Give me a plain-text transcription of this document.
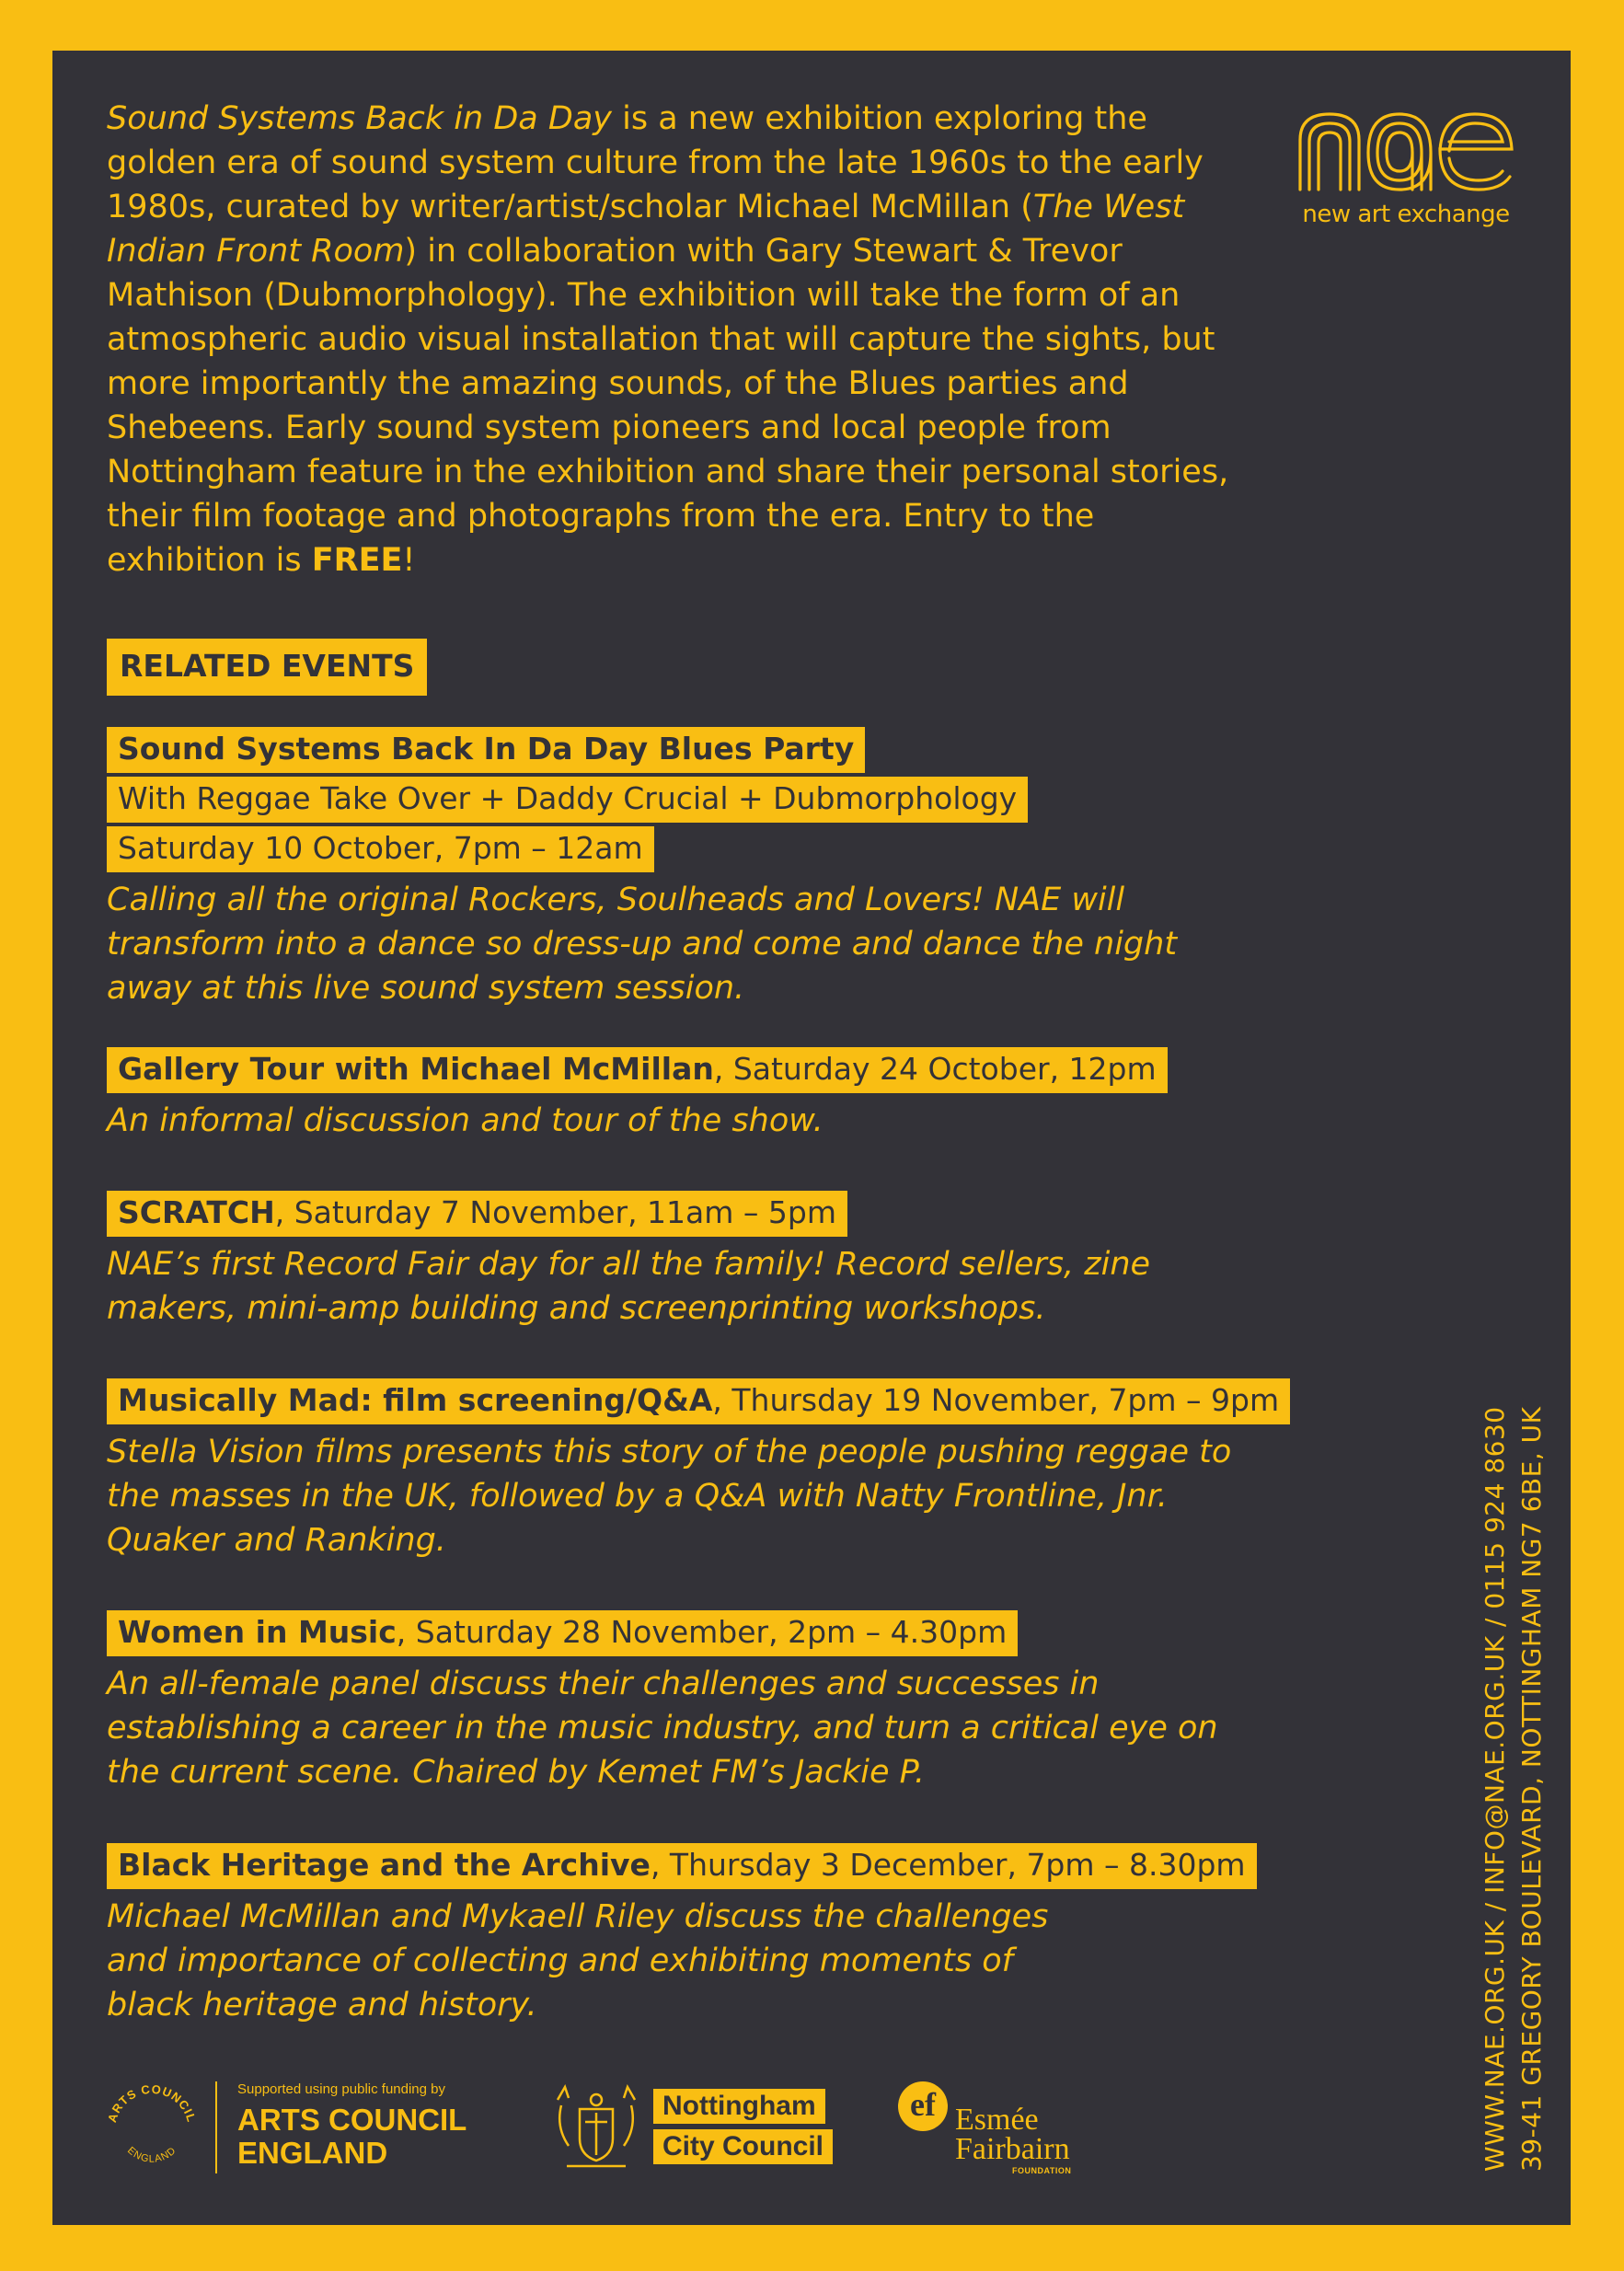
Sound Systems Back in Da Day is a new exhibition exploring the golden era of sound system culture from the late 1960s to the early 1980s, curated by writer/artist/scholar Michael McMillan (The West Indian Front Room) in collaboration with Gary Stewart & Trevor Mathison (Dubmorphology). The exhibition will take the form of an atmospheric audio visual installation that will capture the sights, but more importantly the amazing sounds, of the Blues parties and Shebeens. Early sound system pioneers and local people from Nottingham feature in the exhibition and share their personal stories, their film footage and photographs from the era. Entry to the exhibition is FREE!

new art exchange
RELATED EVENTS
Sound Systems Back In Da Day Blues Party
With Reggae Take Over + Daddy Crucial + Dubmorphology
Saturday 10 October, 7pm – 12am

Calling all the original Rockers, Soulheads and Lovers! NAE will transform into a dance so dress-up and come and dance the night away at this live sound system session.

Gallery Tour with Michael McMillan, Saturday 24 October, 12pm

An informal discussion and tour of the show.

SCRATCH, Saturday 7 November, 11am – 5pm

NAE’s first Record Fair day for all the family! Record sellers, zine makers, mini-amp building and screenprinting workshops.

Musically Mad: film screening/Q&A, Thursday 19 November, 7pm – 9pm

Stella Vision films presents this story of the people pushing reggae to the masses in the UK, followed by a Q&A with Natty Frontline, Jnr. Quaker and Ranking.

Women in Music, Saturday 28 November, 2pm – 4.30pm

An all-female panel discuss their challenges and successes in establishing a career in the music industry, and turn a critical eye on the current scene. Chaired by Kemet FM’s Jackie P.

Black Heritage and the Archive, Thursday 3 December, 7pm – 8.30pm

Michael McMillan and Mykaell Riley discuss the challenges and importance of collecting and exhibiting moments of black heritage and history.

ARTS COUNCIL
ENGLAND
Supported using public funding by
ARTS COUNCIL
ENGLAND
Nottingham
City Council
ef Esmée
Fairbairn
FOUNDATION	WWW.NAE.ORG.UK / INFO@NAE.ORG.UK / 0115 924 8630 39-41 GREGORY BOULEVARD, NOTTINGHAM NG7 6BE, UK
